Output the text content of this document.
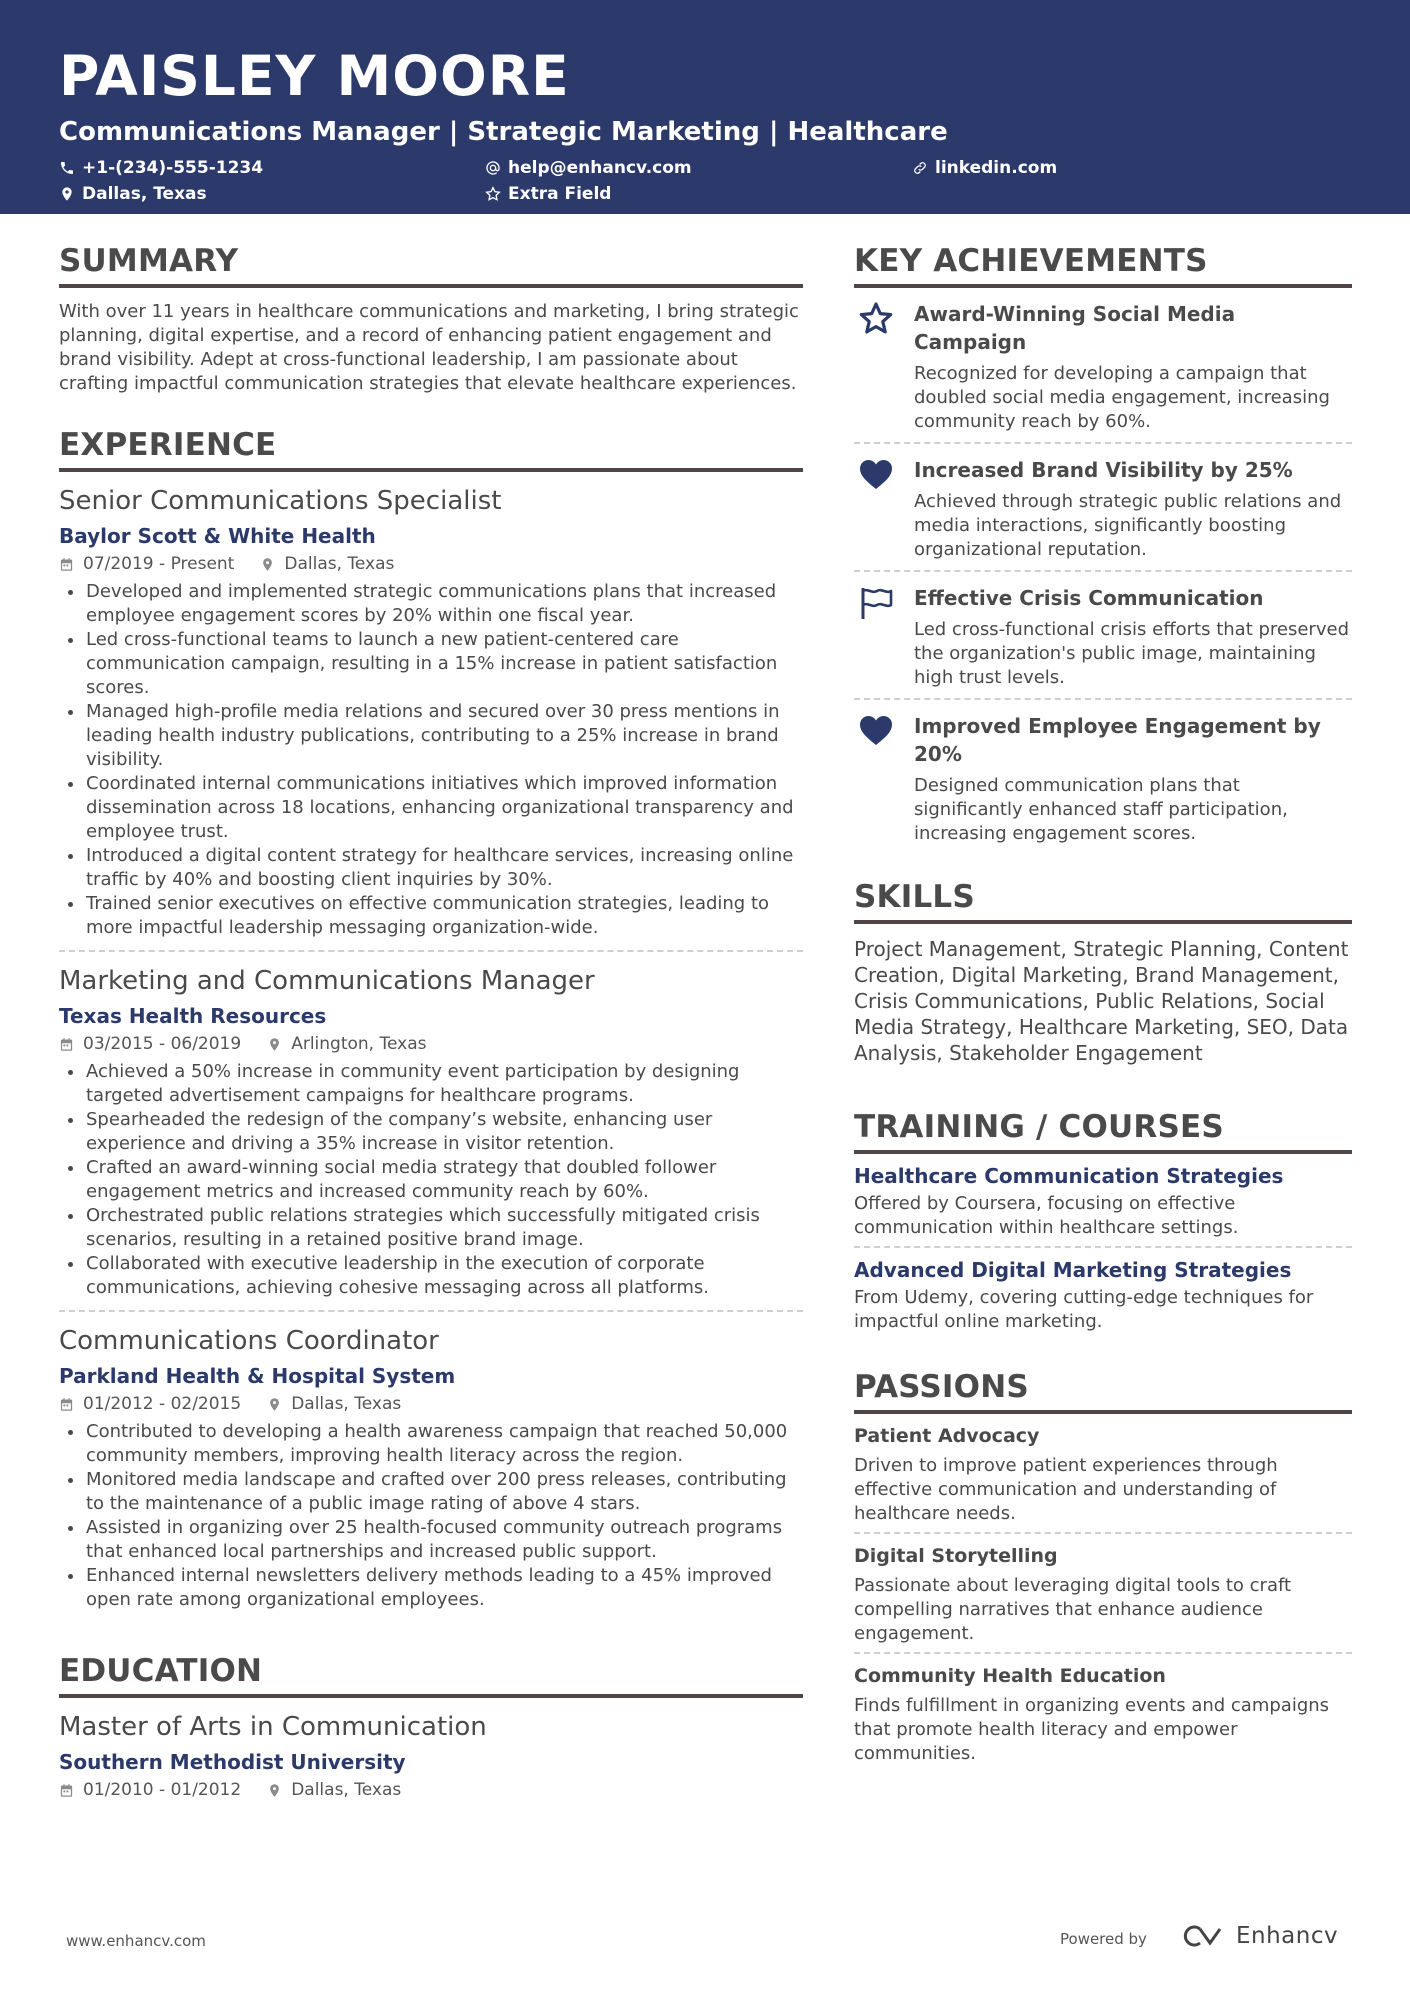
PAISLEY MOORE
Communications Manager | Strategic Marketing | Healthcare
+1-(234)-555-1234	help@enhancv.com	linkedin.com
Dallas, Texas	Extra Field
SUMMARY
With over 11 years in healthcare communications and marketing, I bring strategic planning, digital expertise, and a record of enhancing patient engagement and brand visibility. Adept at cross-functional leadership, I am passionate about crafting impactful communication strategies that elevate healthcare experiences.
EXPERIENCE
Senior Communications Specialist
Baylor Scott & White Health
07/2019 - Present	Dallas, Texas
Developed and implemented strategic communications plans that increased employee engagement scores by 20% within one fiscal year.
Led cross-functional teams to launch a new patient-centered care communication campaign, resulting in a 15% increase in patient satisfaction scores.
Managed high-profile media relations and secured over 30 press mentions in leading health industry publications, contributing to a 25% increase in brand visibility.
Coordinated internal communications initiatives which improved information dissemination across 18 locations, enhancing organizational transparency and employee trust.
Introduced a digital content strategy for healthcare services, increasing online traffic by 40% and boosting client inquiries by 30%.
Trained senior executives on effective communication strategies, leading to more impactful leadership messaging organization-wide.
Marketing and Communications Manager
Texas Health Resources
03/2015 - 06/2019	Arlington, Texas
Achieved a 50% increase in community event participation by designing targeted advertisement campaigns for healthcare programs.
Spearheaded the redesign of the company’s website, enhancing user experience and driving a 35% increase in visitor retention.
Crafted an award-winning social media strategy that doubled follower engagement metrics and increased community reach by 60%.
Orchestrated public relations strategies which successfully mitigated crisis scenarios, resulting in a retained positive brand image.
Collaborated with executive leadership in the execution of corporate communications, achieving cohesive messaging across all platforms.
Communications Coordinator
Parkland Health & Hospital System
01/2012 - 02/2015	Dallas, Texas
Contributed to developing a health awareness campaign that reached 50,000 community members, improving health literacy across the region.
Monitored media landscape and crafted over 200 press releases, contributing to the maintenance of a public image rating of above 4 stars.
Assisted in organizing over 25 health-focused community outreach programs that enhanced local partnerships and increased public support.
Enhanced internal newsletters delivery methods leading to a 45% improved open rate among organizational employees.
EDUCATION
Master of Arts in Communication
Southern Methodist University
01/2010 - 01/2012	Dallas, Texas
KEY ACHIEVEMENTS
Award-Winning Social Media Campaign
Recognized for developing a campaign that doubled social media engagement, increasing community reach by 60%.
Increased Brand Visibility by 25%
Achieved through strategic public relations and media interactions, significantly boosting organizational reputation.
Effective Crisis Communication
Led cross-functional crisis efforts that preserved the organization's public image, maintaining high trust levels.
Improved Employee Engagement by 20%
Designed communication plans that significantly enhanced staff participation, increasing engagement scores.
SKILLS
Project Management, Strategic Planning, Content Creation, Digital Marketing, Brand Management, Crisis Communications, Public Relations, Social Media Strategy, Healthcare Marketing, SEO, Data Analysis, Stakeholder Engagement
TRAINING / COURSES
Healthcare Communication Strategies
Offered by Coursera, focusing on effective communication within healthcare settings.
Advanced Digital Marketing Strategies
From Udemy, covering cutting-edge techniques for impactful online marketing.
PASSIONS
Patient Advocacy
Driven to improve patient experiences through effective communication and understanding of healthcare needs.
Digital Storytelling
Passionate about leveraging digital tools to craft compelling narratives that enhance audience engagement.
Community Health Education
Finds fulfillment in organizing events and campaigns that promote health literacy and empower communities.
www.enhancv.com	Powered by	Enhancv
